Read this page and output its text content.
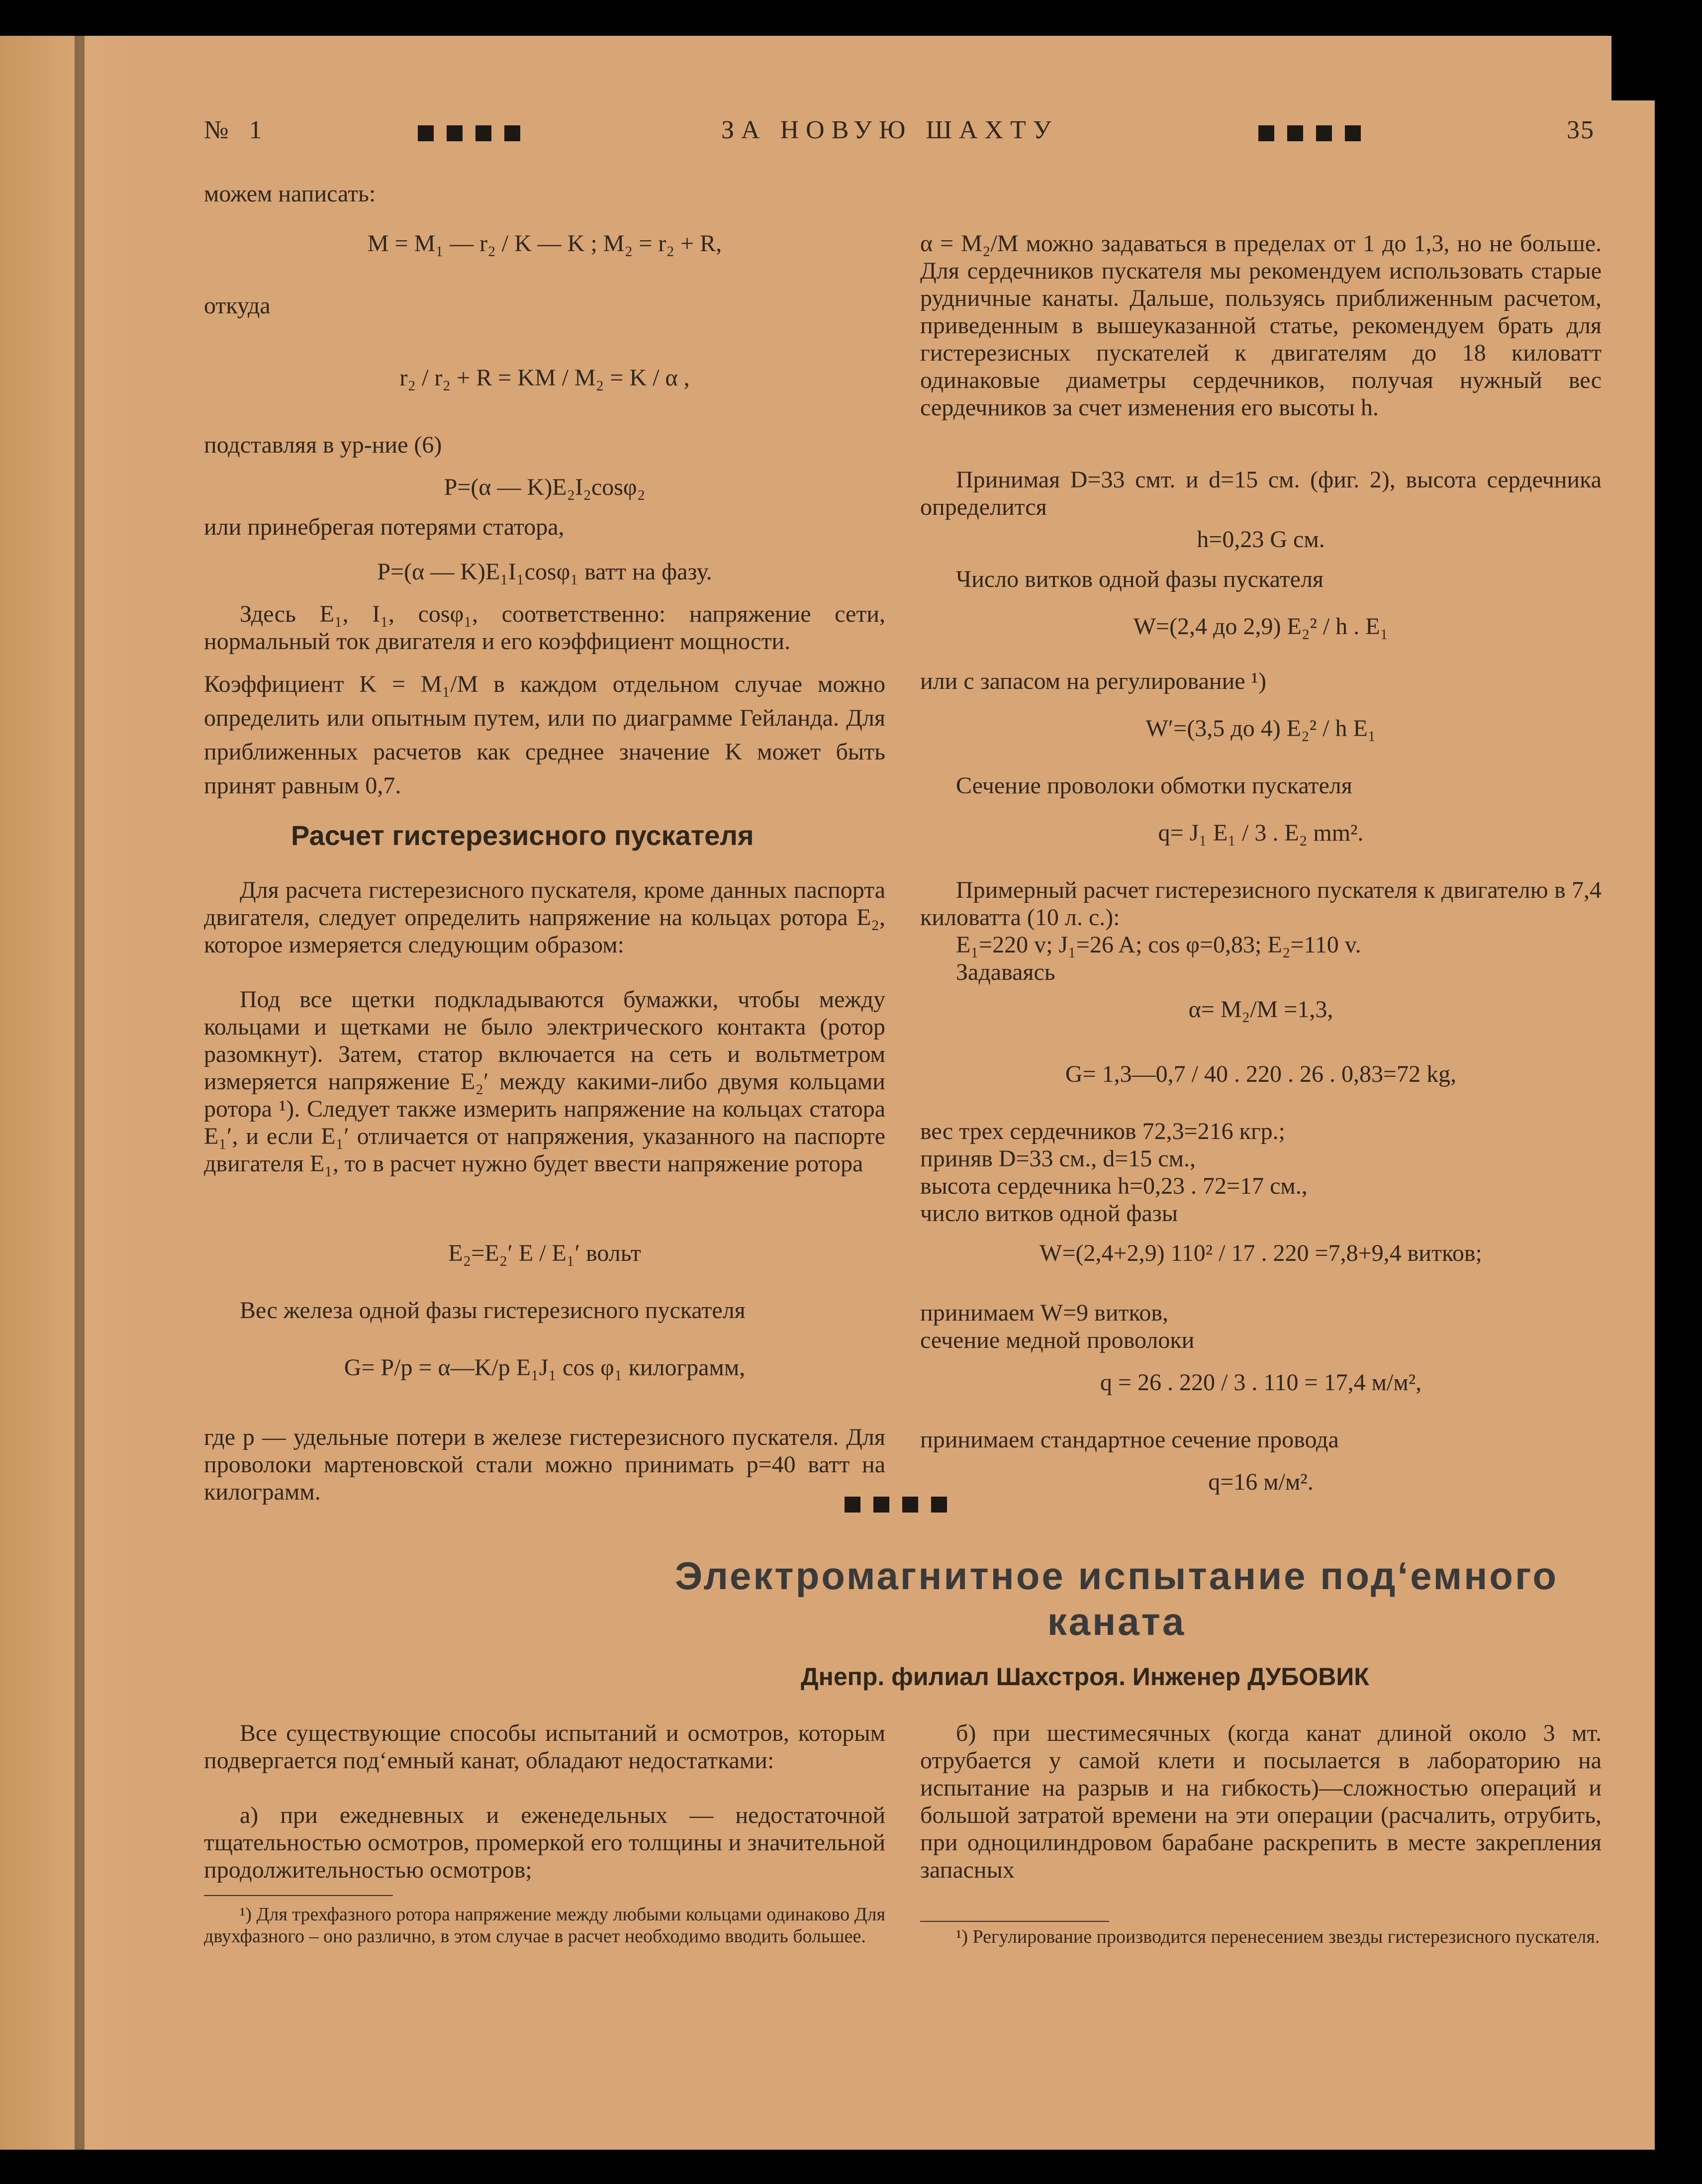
№ 1	ЗА НОВУЮ ШАХТУ	35
можем написать:
M = M₁ — r₂ / K — K ; M₂ = r₂ + R,
откуда
r₂ / r₂ + R = KM / M₂ = K / α ,
подставляя в ур-ние (6)
P=(α — K)E₂I₂cosφ₂
или принебрегая потерями статора,
P=(α — K)E₁I₁cosφ₁ ватт на фазу.
Здесь E₁, I₁, cosφ₁, соответственно: напряжение сети, нормальный ток двигателя и его коэффициент мощности.
Коэффициент K = M₁/M в каждом отдельном случае можно определить или опытным путем, или по диаграмме Гейланда. Для приближенных расчетов как среднее значение K может быть принят равным 0,7.
Расчет гистерезисного пускателя
Для расчета гистерезисного пускателя, кроме данных паспорта двигателя, следует определить напряжение на кольцах ротора E₂, которое измеряется следующим образом:
Под все щетки подкладываются бумажки, чтобы между кольцами и щетками не было электрического контакта (ротор разомкнут). Затем, статор включается на сеть и вольтметром измеряется напряжение E₂′ между какими-либо двумя кольцами ротора ¹). Следует также измерить напряжение на кольцах статора E₁′, и если E₁′ отличается от напряжения, указанного на паспорте двигателя E₁, то в расчет нужно будет ввести напряжение ротора
E₂=E₂′ E / E₁′ вольт
Вес железа одной фазы гистерезисного пускателя
G= P/p = α—K/p E₁J₁ cos φ₁ килограмм,
где p — удельные потери в железе гистерезисного пускателя. Для проволоки мартеновской стали можно принимать p=40 ватт на килограмм.
α = M₂/M можно задаваться в пределах от 1 до 1,3, но не больше. Для сердечников пускателя мы рекомендуем использовать старые рудничные канаты. Дальше, пользуясь приближенным расчетом, приведенным в вышеуказанной статье, рекомендуем брать для гистерезисных пускателей к двигателям до 18 киловатт одинаковые диаметры сердечников, получая нужный вес сердечников за счет изменения его высоты h.
Принимая D=33 смт. и d=15 см. (фиг. 2), высота сердечника определится
h=0,23 G см.
Число витков одной фазы пускателя
W=(2,4 до 2,9) E₂² / h . E₁
или с запасом на регулирование ¹)
W′=(3,5 до 4) E₂² / h E₁
Сечение проволоки обмотки пускателя
q= J₁ E₁ / 3 . E₂ mm².
Примерный расчет гистерезисного пускателя к двигателю в 7,4 киловатта (10 л. с.):
E₁=220 v; J₁=26 A; cos φ=0,83; E₂=110 v.
Задаваясь
α= M₂/M =1,3,
G= 1,3—0,7 / 40 . 220 . 26 . 0,83=72 kg,
вес трех сердечников 72,3=216 кгр.;
приняв D=33 см., d=15 см.,
высота сердечника h=0,23 . 72=17 см.,
число витков одной фазы
W=(2,4+2,9) 110² / 17 . 220 =7,8+9,4 витков;
принимаем W=9 витков,
сечение медной проволоки
q = 26 . 220 / 3 . 110 = 17,4 м/м²,
принимаем стандартное сечение провода
q=16 м/м².
Электромагнитное испытание под‘емного каната
Днепр. филиал Шахстроя. Инженер ДУБОВИК
Все существующие способы испытаний и осмотров, которым подвергается под‘емный канат, обладают недостатками:
а) при ежедневных и еженедельных — недостаточной тщательностью осмотров, промеркой его толщины и значительной продолжительностью осмотров;
б) при шестимесячных (когда канат длиной около 3 мт. отрубается у самой клети и посылается в лабораторию на испытание на разрыв и на гибкость)—сложностью операций и большой затратой времени на эти операции (расчалить, отрубить, при одноцилиндровом барабане раскрепить в месте закрепления запасных
¹) Для трехфазного ротора напряжение между любыми кольцами одинаково Для двухфазного – оно различно, в этом случае в расчет необходимо вводить большее.	¹) Регулирование производится перенесением звезды гистерезисного пускателя.
